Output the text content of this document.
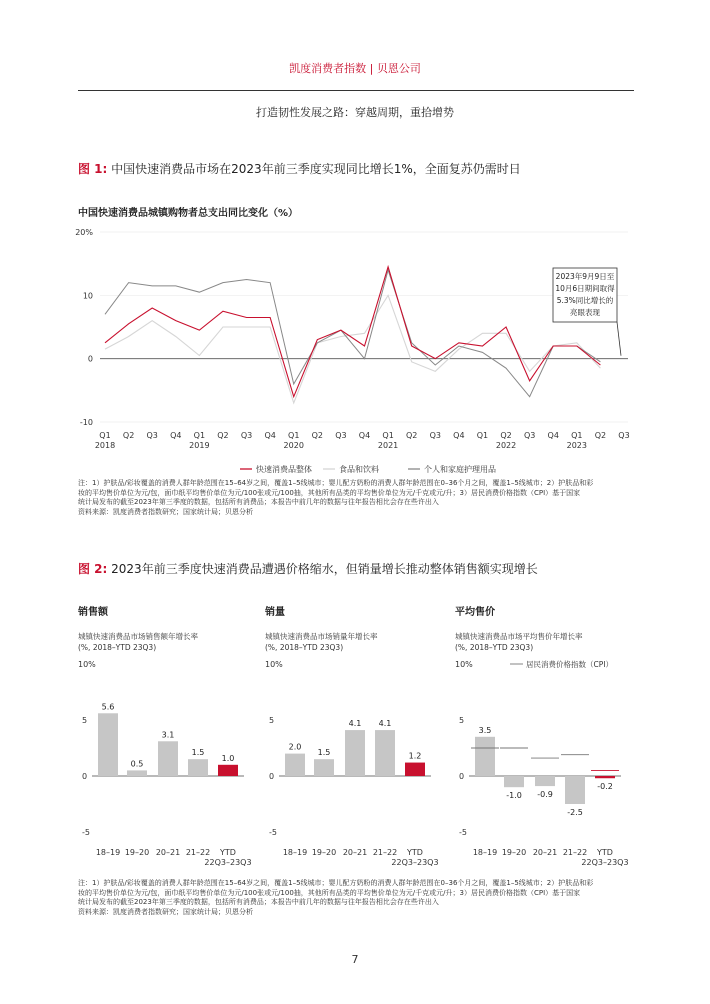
凯度消费者指数 | 贝恩公司
打造韧性发展之路：穿越周期，重拾增势
图 1: 中国快速消费品市场在2023年前三季度实现同比增长1%，全面复苏仍需时日
中国快速消费品城镇购物者总支出同比变化（%）
20%
10
0
-10
Q1 Q2 Q3 Q4 Q1 Q2 Q3 Q4 Q1 Q2 Q3 Q4 Q1 Q2 Q3 Q4 Q1 Q2 Q3 Q4 Q1 Q2 Q3
2018	2019	2020	2021	2022	2023
快速消费品整体	食品和饮料	个人和家庭护理用品
2023年9月9日至
10月6日期间取得
5.3%同比增长的
亮眼表现
注：1）护肤品/彩妆覆盖的消费人群年龄范围在15–64岁之间，覆盖1–5线城市；婴儿配方奶粉的消费人群年龄范围在0–36个月之间，覆盖1–5线城市；2）护肤品和彩
妆的平均售价单位为元/包，面巾纸平均售价单位为元/100张或元/100抽，其他所有品类的平均售价单位为元/千克或元/升；3）居民消费价格指数（CPI）基于国家
统计局发布的截至2023年第三季度的数据，包括所有消费品；本报告中前几年的数据与往年报告相比会存在些许出入
资料来源：凯度消费者指数研究；国家统计局；贝恩分析
图 2: 2023年前三季度快速消费品遭遇价格缩水，但销量增长推动整体销售额实现增长
销售额
城镇快速消费品市场销售额年增长率
(%, 2018–YTD 23Q3)
销量
城镇快速消费品市场销量年增长率
(%, 2018–YTD 23Q3)
平均售价
城镇快速消费品市场平均售价年增长率
(%, 2018–YTD 23Q3)
10%
5
0
-5
5.6
18–19
0.5
19–20
3.1
20–21
1.5
21–22
1.0
YTD
22Q3–23Q3
10%
5
0
-5
2.0
18–19
1.5
19–20
4.1
20–21
4.1
21–22
1.2
YTD
22Q3–23Q3
10%
5
0
-5
3.5
18–19
-1.0
19–20
-0.9
20–21
-2.5
21–22
-0.2
YTD
22Q3–23Q3
居民消费价格指数（CPI）
注：1）护肤品/彩妆覆盖的消费人群年龄范围在15–64岁之间，覆盖1–5线城市；婴儿配方奶粉的消费人群年龄范围在0–36个月之间，覆盖1–5线城市；2）护肤品和彩
妆的平均售价单位为元/包，面巾纸平均售价单位为元/100张或元/100抽，其他所有品类的平均售价单位为元/千克或元/升；3）居民消费价格指数（CPI）基于国家
统计局发布的截至2023年第三季度的数据，包括所有消费品；本报告中前几年的数据与往年报告相比会存在些许出入
资料来源：凯度消费者指数研究；国家统计局；贝恩分析
7
